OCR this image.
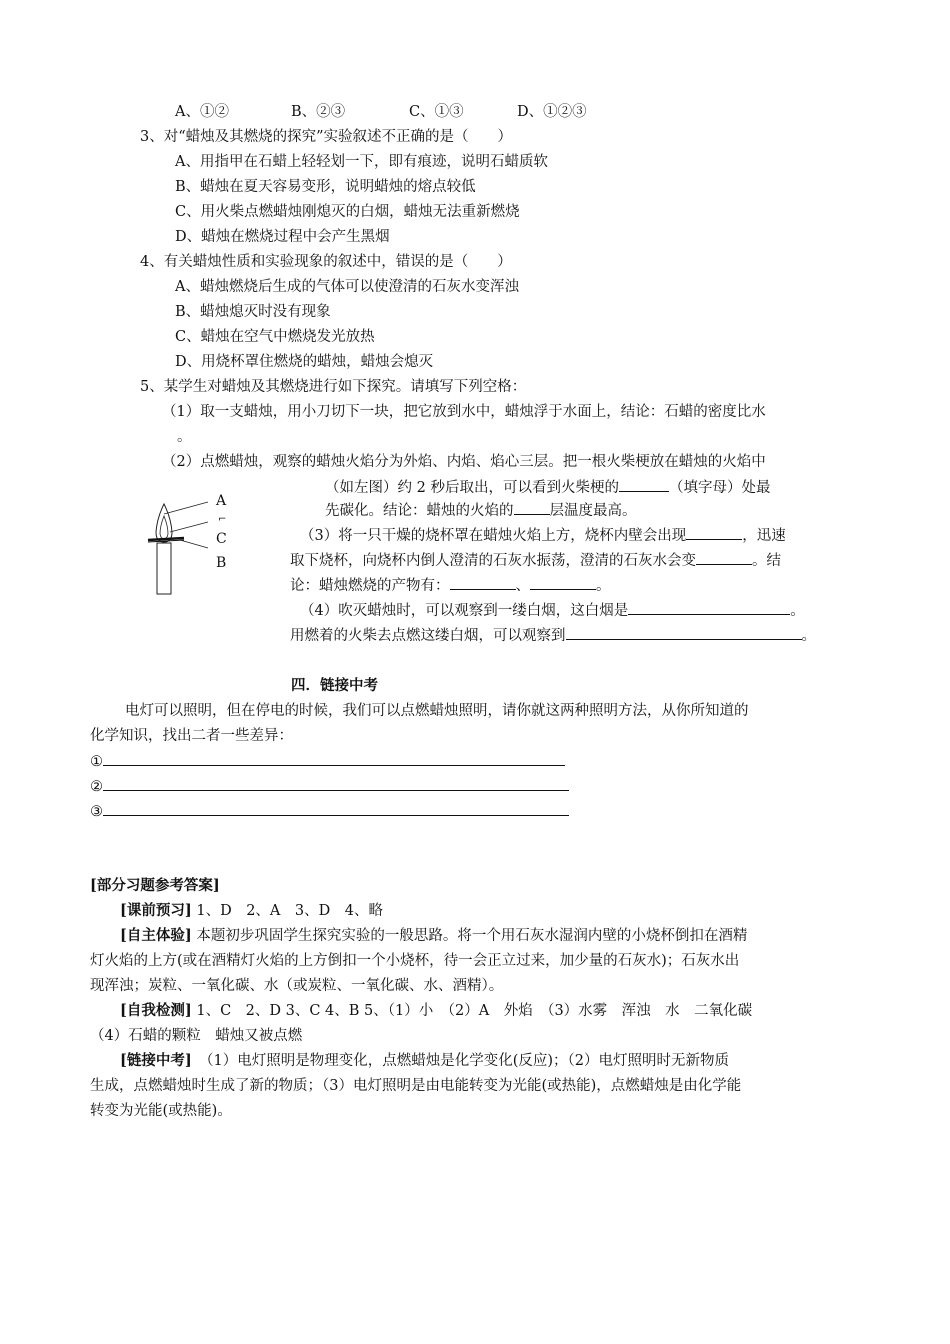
A、①②	B、②③	C、①③	D、①②③
3、对“蜡烛及其燃烧的探究”实验叙述不正确的是（　　）
A、用指甲在石蜡上轻轻划一下，即有痕迹，说明石蜡质软
B、蜡烛在夏天容易变形，说明蜡烛的熔点较低
C、用火柴点燃蜡烛刚熄灭的白烟，蜡烛无法重新燃烧
D、蜡烛在燃烧过程中会产生黑烟
4、有关蜡烛性质和实验现象的叙述中，错误的是（　　）
A、蜡烛燃烧后生成的气体可以使澄清的石灰水变浑浊
B、蜡烛熄灭时没有现象
C、蜡烛在空气中燃烧发光放热
D、用烧杯罩住燃烧的蜡烛，蜡烛会熄灭
5、某学生对蜡烛及其燃烧进行如下探究。请填写下列空格：
（1）取一支蜡烛，用小刀切下一块，把它放到水中，蜡烛浮于水面上，结论：石蜡的密度比水
。
（2）点燃蜡烛，观察的蜡烛火焰分为外焰、内焰、焰心三层。把一根火柴梗放在蜡烛的火焰中
（如左图）约 2 秒后取出，可以看到火柴梗的	（填字母）处最
先碳化。结论：蜡烛的火焰的 层温度最高。
（3）将一只干燥的烧杯罩在蜡烛火焰上方，烧杯内壁会出现	，迅速
取下烧杯，向烧杯内倒人澄清的石灰水振荡，澄清的石灰水会变	。结
论：蜡烛燃烧的产物有：	、	。
（4）吹灭蜡烛时，可以观察到一缕白烟，这白烟是	。
用燃着的火柴去点燃这缕白烟，可以观察到	。
A
⌐
C
B
四．链接中考
电灯可以照明，但在停电的时候，我们可以点燃蜡烛照明，请你就这两种照明方法，从你所知道的
化学知识，找出二者一些差异：
①
②
③
[部分习题参考答案]
[课前预习] 1、D　2、A　3、D　4、略
[自主体验] 本题初步巩固学生探究实验的一般思路。将一个用石灰水湿润内壁的小烧杯倒扣在酒精
灯火焰的上方(或在酒精灯火焰的上方倒扣一个小烧杯，待一会正立过来，加少量的石灰水)；石灰水出
现浑浊；炭粒、一氧化碳、水（或炭粒、一氧化碳、水、酒精）。
[自我检测] 1、C　2、D 3、C 4、B 5、（1）小　（2）A　外焰　（3）水雾　浑浊　水　二氧化碳
（4）石蜡的颗粒　蜡烛又被点燃
[链接中考]　（1）电灯照明是物理变化，点燃蜡烛是化学变化(反应)；（2）电灯照明时无新物质
生成，点燃蜡烛时生成了新的物质；（3）电灯照明是由电能转变为光能(或热能)，点燃蜡烛是由化学能
转变为光能(或热能)。
